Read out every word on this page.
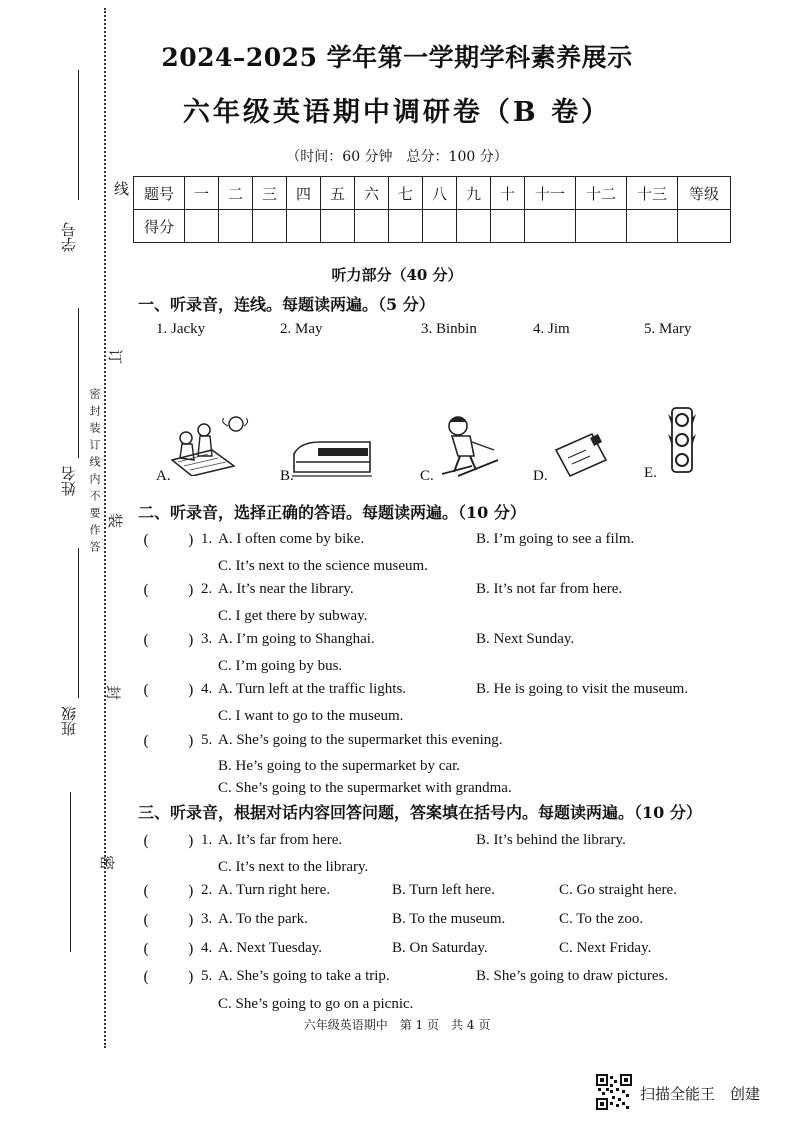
学号
姓名
班级
线
订
装
封
密
密封装订线内不要作答
2024–2025 学年第一学期学科素养展示
六年级英语期中调研卷（B 卷）
（时间：60 分钟　总分：100 分）
题号	一	二	三	四	五	六	七	八	九	十	十一	十二	十三	等级
得分														
听力部分（40 分）
一、听录音，连线。每题读两遍。（5 分）
1. Jacky	2. May	3. Binbin	4. Jim	5. Mary
A.	B.	C.	D.	E.
二、听录音，选择正确的答语。每题读两遍。（10 分）
(	) 1. A. I often come by bike.	B. I’m going to see a film.
C. It’s next to the science museum.
(	) 2. A. It’s near the library.	B. It’s not far from here.
C. I get there by subway.
(	) 3. A. I’m going to Shanghai.	B. Next Sunday.
C. I’m going by bus.
(	) 4. A. Turn left at the traffic lights.	B. He is going to visit the museum.
C. I want to go to the museum.
(	) 5. A. She’s going to the supermarket this evening.
B. He’s going to the supermarket by car.
C. She’s going to the supermarket with grandma.
三、听录音，根据对话内容回答问题，答案填在括号内。每题读两遍。（10 分）
(	) 1. A. It’s far from here.	B. It’s behind the library.
C. It’s next to the library.
(	) 2. A. Turn right here.	B. Turn left here.	C. Go straight here.
(	) 3. A. To the park.	B. To the museum.	C. To the zoo.
(	) 4. A. Next Tuesday.	B. On Saturday.	C. Next Friday.
(	) 5. A. She’s going to take a trip.	B. She’s going to draw pictures.
C. She’s going to go on a picnic.
六年级英语期中　第 1 页　共 4 页
扫描全能王　创建
